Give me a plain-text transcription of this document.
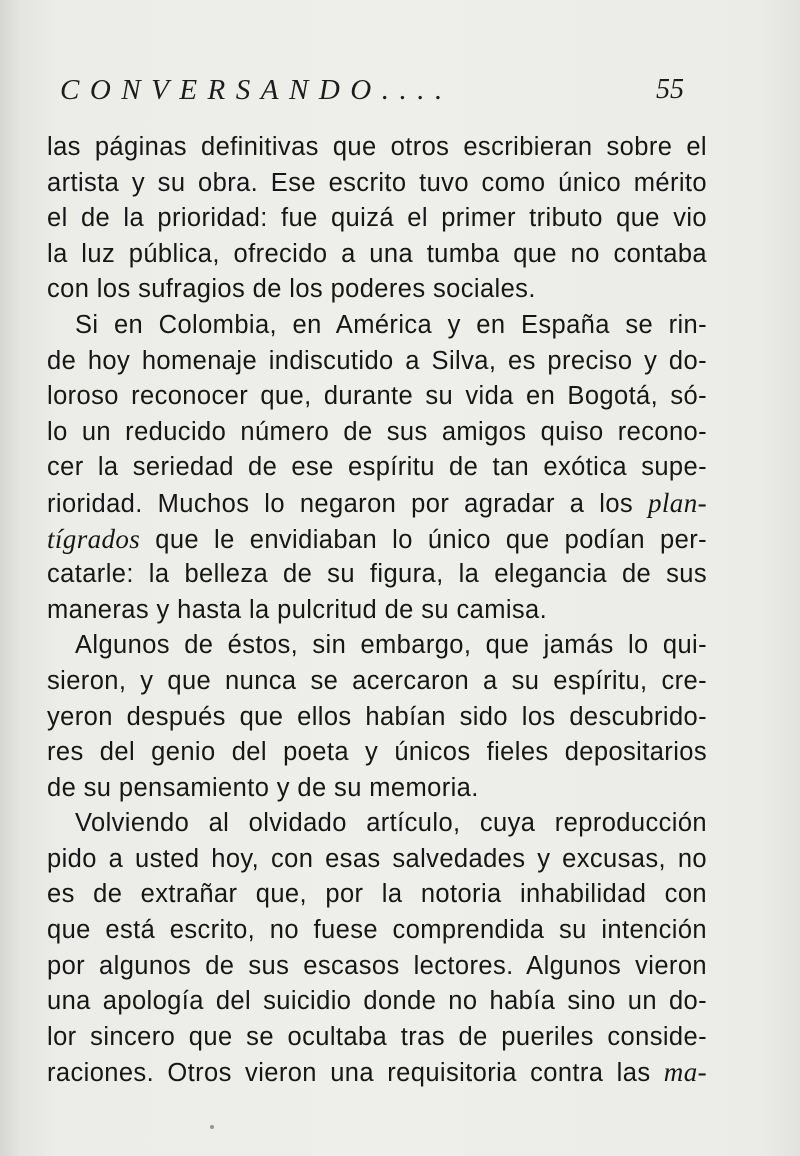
CONVERSANDO....	55
las páginas definitivas que otros escribieran sobre el
artista y su obra. Ese escrito tuvo como único mérito
el de la prioridad: fue quizá el primer tributo que vio
la luz pública, ofrecido a una tumba que no contaba
con los sufragios de los poderes sociales.
Si en Colombia, en América y en España se rin-
de hoy homenaje indiscutido a Silva, es preciso y do-
loroso reconocer que, durante su vida en Bogotá, só-
lo un reducido número de sus amigos quiso recono-
cer la seriedad de ese espíritu de tan exótica supe-
rioridad. Muchos lo negaron por agradar a los plan-
tígrados que le envidiaban lo único que podían per-
catarle: la belleza de su figura, la elegancia de sus
maneras y hasta la pulcritud de su camisa.
Algunos de éstos, sin embargo, que jamás lo qui-
sieron, y que nunca se acercaron a su espíritu, cre-
yeron después que ellos habían sido los descubrido-
res del genio del poeta y únicos fieles depositarios
de su pensamiento y de su memoria.
Volviendo al olvidado artículo, cuya reproducción
pido a usted hoy, con esas salvedades y excusas, no
es de extrañar que, por la notoria inhabilidad con
que está escrito, no fuese comprendida su intención
por algunos de sus escasos lectores. Algunos vieron
una apología del suicidio donde no había sino un do-
lor sincero que se ocultaba tras de pueriles conside-
raciones. Otros vieron una requisitoria contra las ma-
